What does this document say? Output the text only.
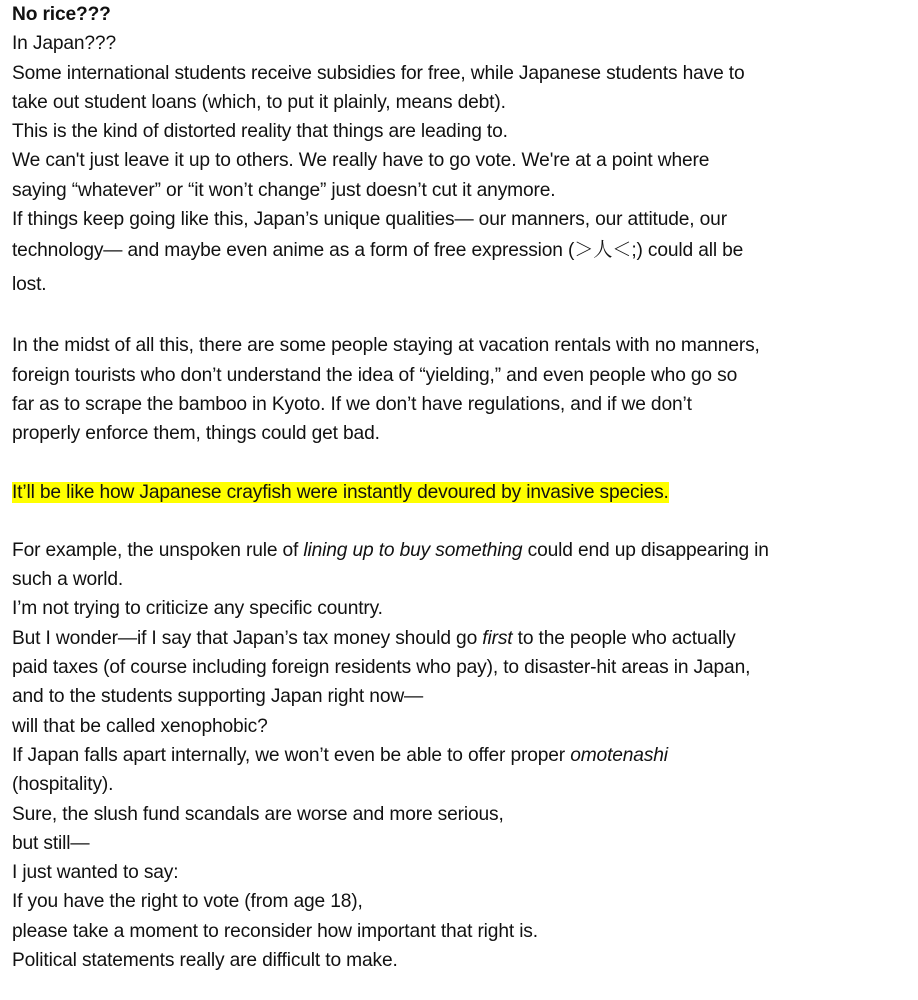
No rice???
In Japan???
Some international students receive subsidies for free, while Japanese students have to
take out student loans (which, to put it plainly, means debt).
This is the kind of distorted reality that things are leading to.
We can't just leave it up to others. We really have to go vote. We're at a point where
saying “whatever” or “it won’t change” just doesn’t cut it anymore.
If things keep going like this, Japan’s unique qualities— our manners, our attitude, our
technology— and maybe even anime as a form of free expression (＞人＜;) could all be
lost.
In the midst of all this, there are some people staying at vacation rentals with no manners,
foreign tourists who don’t understand the idea of “yielding,” and even people who go so
far as to scrape the bamboo in Kyoto. If we don’t have regulations, and if we don’t
properly enforce them, things could get bad.
It’ll be like how Japanese crayfish were instantly devoured by invasive species.
For example, the unspoken rule of lining up to buy something could end up disappearing in
such a world.
I’m not trying to criticize any specific country.
But I wonder—if I say that Japan’s tax money should go first to the people who actually
paid taxes (of course including foreign residents who pay), to disaster-hit areas in Japan,
and to the students supporting Japan right now—
will that be called xenophobic?
If Japan falls apart internally, we won’t even be able to offer proper omotenashi
(hospitality).
Sure, the slush fund scandals are worse and more serious,
but still—
I just wanted to say:
If you have the right to vote (from age 18),
please take a moment to reconsider how important that right is.
Political statements really are difficult to make.
